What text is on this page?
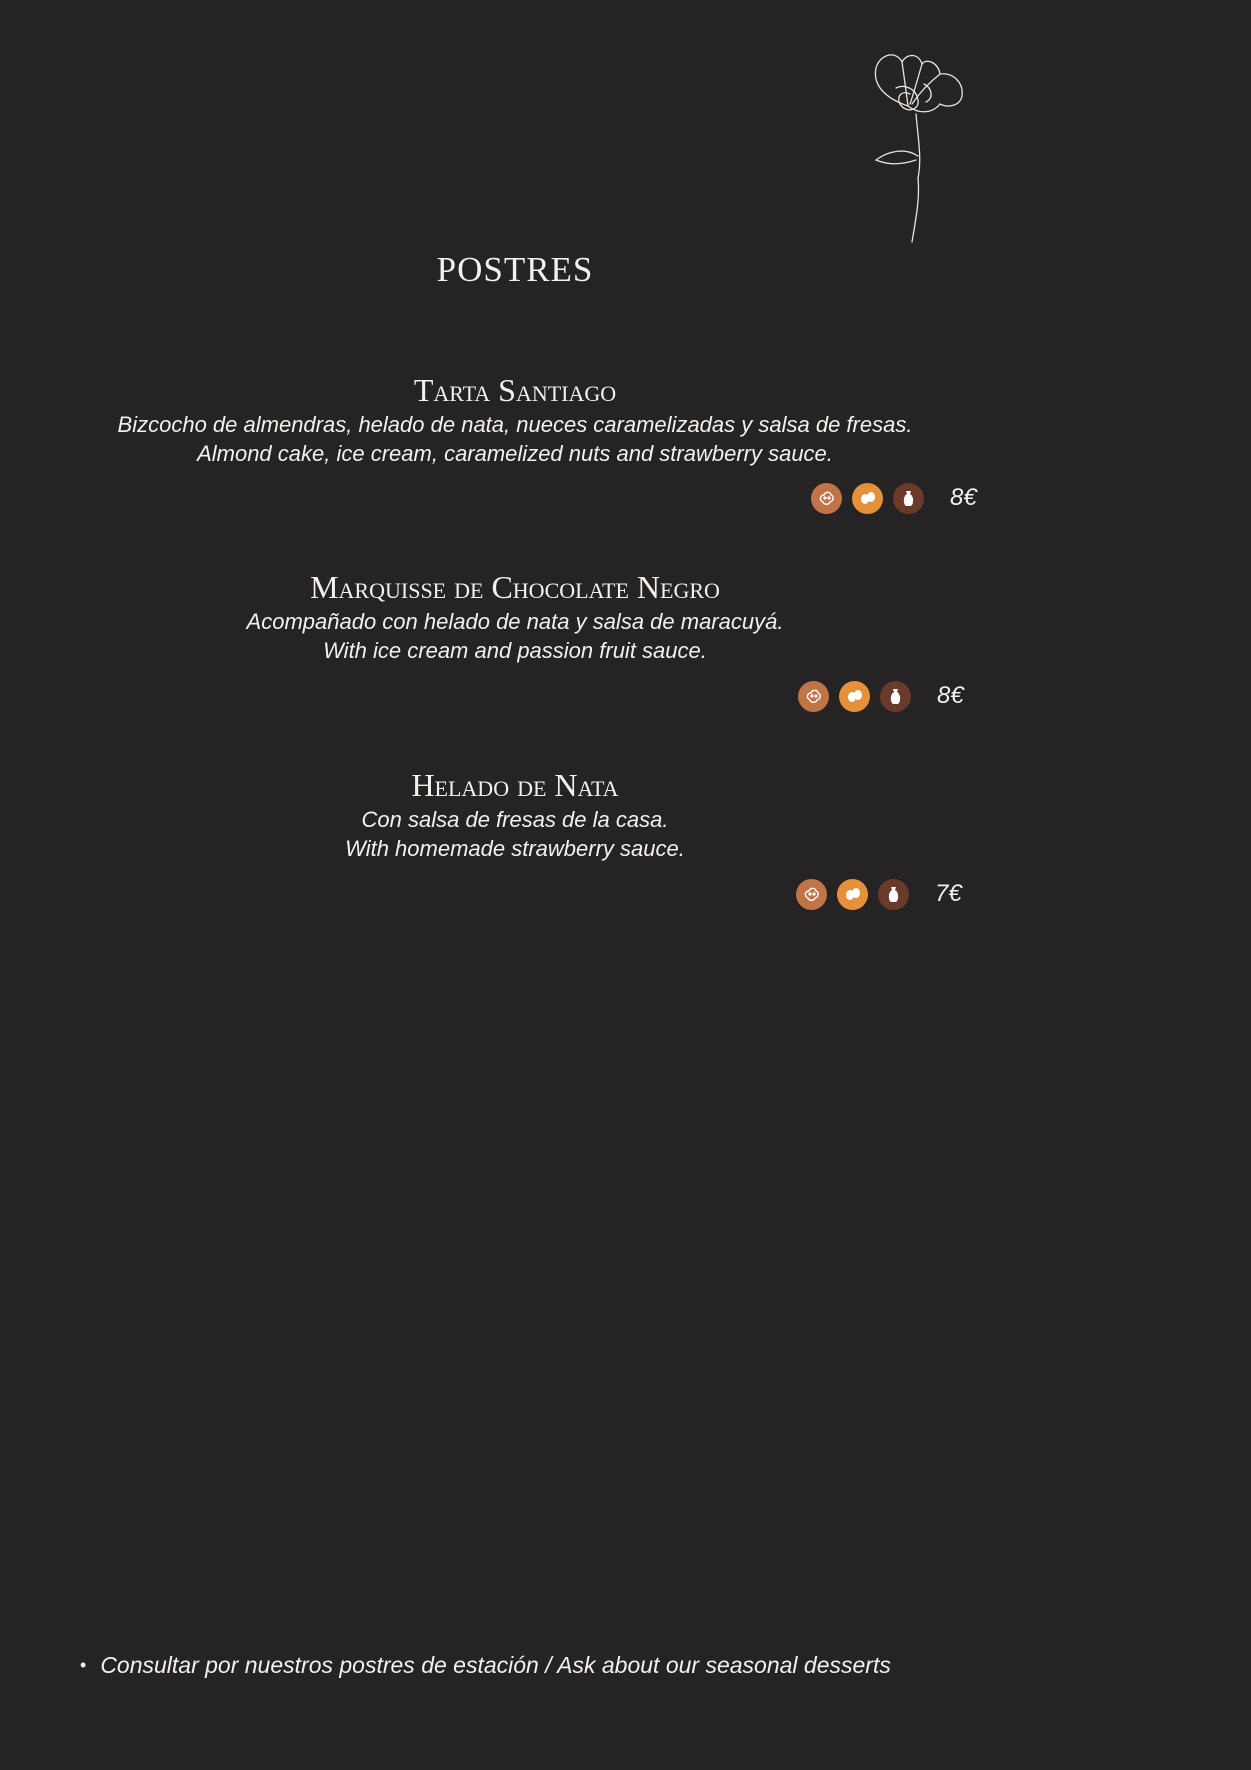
POSTRES
Tarta Santiago
Bizcocho de almendras, helado de nata, nueces caramelizadas y salsa de fresas.
Almond cake, ice cream, caramelized nuts and strawberry sauce.
8€
Marquisse de Chocolate Negro
Acompañado con helado de nata y salsa de maracuyá.
With ice cream and passion fruit sauce.
8€
Helado de Nata
Con salsa de fresas de la casa.
With homemade strawberry sauce.
7€
• Consultar por nuestros postres de estación / Ask about our seasonal desserts
